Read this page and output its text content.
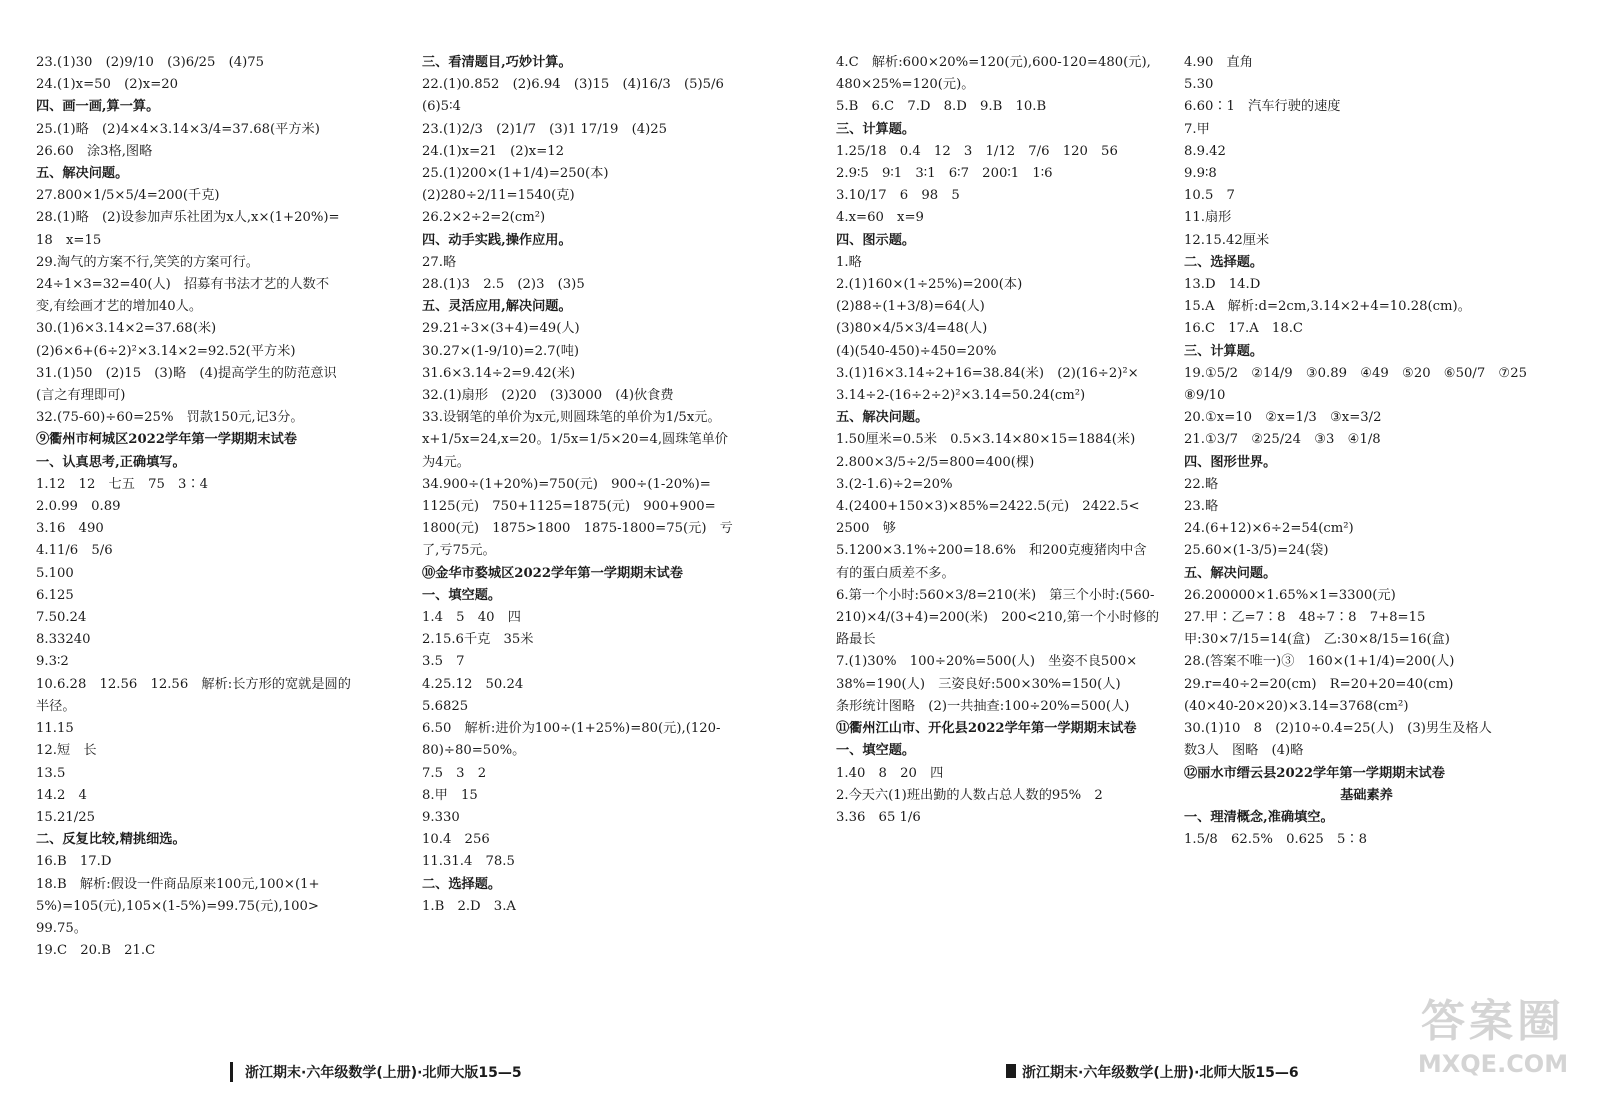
23.(1)30　(2)9/10　(3)6/25　(4)75
24.(1)x=50　(2)x=20
四、画一画,算一算。
25.(1)略　(2)4×4×3.14×3/4=37.68(平方米)
26.60　涂3格,图略
五、解决问题。
27.800×1/5×5/4=200(千克)
28.(1)略　(2)设参加声乐社团为x人,x×(1+20%)=
18　x=15
29.淘气的方案不行,笑笑的方案可行。
24÷1×3=32=40(人)　招募有书法才艺的人数不
变,有绘画才艺的增加40人。
30.(1)6×3.14×2=37.68(米)
(2)6×6+(6÷2)²×3.14×2=92.52(平方米)
31.(1)50　(2)15　(3)略　(4)提高学生的防范意识
(言之有理即可)
32.(75-60)÷60=25%　罚款150元,记3分。
⑨衢州市柯城区2022学年第一学期期末试卷
一、认真思考,正确填写。
1.12　12　七五　75　3∶4
2.0.99　0.89
3.16　490
4.11/6　5/6
5.100
6.125
7.50.24
8.33240
9.3∶2
10.6.28　12.56　12.56　解析:长方形的宽就是圆的
半径。
11.15
12.短　长
13.5
14.2　4
15.21/25
二、反复比较,精挑细选。
16.B　17.D
18.B　解析:假设一件商品原来100元,100×(1+
5%)=105(元),105×(1-5%)=99.75(元),100>
99.75。
19.C　20.B　21.C
三、看清题目,巧妙计算。
22.(1)0.852　(2)6.94　(3)15　(4)16/3　(5)5/6
(6)5∶4
23.(1)2/3　(2)1/7　(3)1 17/19　(4)25
24.(1)x=21　(2)x=12
25.(1)200×(1+1/4)=250(本)
(2)280÷2/11=1540(克)
26.2×2÷2=2(cm²)
四、动手实践,操作应用。
27.略
28.(1)3　2.5　(2)3　(3)5
五、灵活应用,解决问题。
29.21÷3×(3+4)=49(人)
30.27×(1-9/10)=2.7(吨)
31.6×3.14÷2=9.42(米)
32.(1)扇形　(2)20　(3)3000　(4)伙食费
33.设钢笔的单价为x元,则圆珠笔的单价为1/5x元。
x+1/5x=24,x=20。1/5x=1/5×20=4,圆珠笔单价
为4元。
34.900÷(1+20%)=750(元)　900÷(1-20%)=
1125(元)　750+1125=1875(元)　900+900=
1800(元)　1875>1800　1875-1800=75(元)　亏
了,亏75元。
⑩金华市婺城区2022学年第一学期期末试卷
一、填空题。
1.4　5　40　四
2.15.6千克　35米
3.5　7
4.25.12　50.24
5.6825
6.50　解析:进价为100÷(1+25%)=80(元),(120-
80)÷80=50%。
7.5　3　2
8.甲　15
9.330
10.4　256
11.31.4　78.5
二、选择题。
1.B　2.D　3.A
浙江期末·六年级数学(上册)·北师大版15—5
4.C　解析:600×20%=120(元),600-120=480(元),
480×25%=120(元)。
5.B　6.C　7.D　8.D　9.B　10.B
三、计算题。
1.25/18　0.4　12　3　1/12　7/6　120　56
2.9∶5　9∶1　3∶1　6∶7　200∶1　1∶6
3.10/17　6　98　5
4.x=60　x=9
四、图示题。
1.略
2.(1)160×(1÷25%)=200(本)
(2)88÷(1+3/8)=64(人)
(3)80×4/5×3/4=48(人)
(4)(540-450)÷450=20%
3.(1)16×3.14÷2+16=38.84(米)　(2)(16÷2)²×
3.14÷2-(16÷2÷2)²×3.14=50.24(cm²)
五、解决问题。
1.50厘米=0.5米　0.5×3.14×80×15=1884(米)
2.800×3/5÷2/5=800=400(棵)
3.(2-1.6)÷2=20%
4.(2400+150×3)×85%=2422.5(元)　2422.5<
2500　够
5.1200×3.1%÷200=18.6%　和200克瘦猪肉中含
有的蛋白质差不多。
6.第一个小时:560×3/8=210(米)　第三个小时:(560-
210)×4/(3+4)=200(米)　200<210,第一个小时修的
路最长
7.(1)30%　100÷20%=500(人)　坐姿不良500×
38%=190(人)　三姿良好:500×30%=150(人)
条形统计图略　(2)一共抽查:100÷20%=500(人)
⑪衢州江山市、开化县2022学年第一学期期末试卷
一、填空题。
1.40　8　20　四
2.今天六(1)班出勤的人数占总人数的95%　2
3.36　65 1/6
4.90　直角
5.30
6.60∶1　汽车行驶的速度
7.甲
8.9.42
9.9∶8
10.5　7
11.扇形
12.15.42厘米
二、选择题。
13.D　14.D
15.A　解析:d=2cm,3.14×2+4=10.28(cm)。
16.C　17.A　18.C
三、计算题。
19.①5/2　②14/9　③0.89　④49　⑤20　⑥50/7　⑦25
⑧9/10
20.①x=10　②x=1/3　③x=3/2
21.①3/7　②25/24　③3　④1/8
四、图形世界。
22.略
23.略
24.(6+12)×6÷2=54(cm²)
25.60×(1-3/5)=24(袋)
五、解决问题。
26.200000×1.65%×1=3300(元)
27.甲∶乙=7∶8　48÷7∶8　7+8=15
甲:30×7/15=14(盒)　乙:30×8/15=16(盒)
28.(答案不唯一)③　160×(1+1/4)=200(人)
29.r=40÷2=20(cm)　R=20+20=40(cm)
(40×40-20×20)×3.14=3768(cm²)
30.(1)10　8　(2)10÷0.4=25(人)　(3)男生及格人
数3人　图略　(4)略
⑫丽水市缙云县2022学年第一学期期末试卷
基础素养
一、理清概念,准确填空。
1.5/8　62.5%　0.625　5∶8
浙江期末·六年级数学(上册)·北师大版15—6
答案圈
MXQE.COM
